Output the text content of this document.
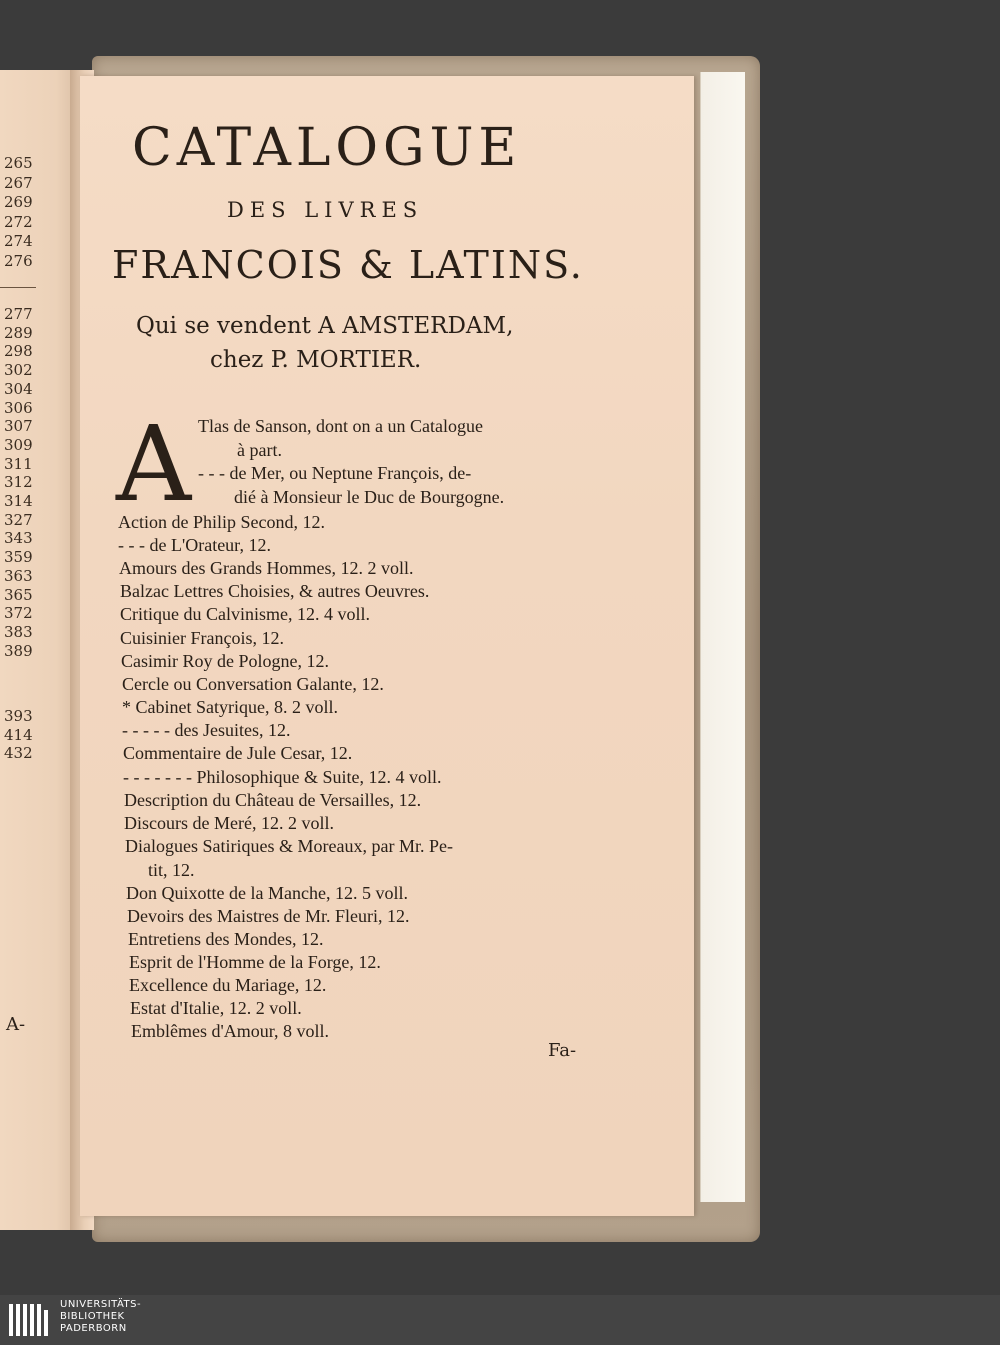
265
267
269
272
274
276
277
289
298
302
304
306
307
309
311
312
314
327
343
359
363
365
372
383
389
393
414
432
A-
CATALOGUE
DES LIVRES
FRANCOIS & LATINS.
Qui se vendent A AMSTERDAM,
chez P. MORTIER.
A Tlas de Sanson, dont on a un Catalogue
à part.
- - - de Mer, ou Neptune François, de-
dié à Monsieur le Duc de Bourgogne.
Action de Philip Second, 12.
- - - de L'Orateur, 12.
Amours des Grands Hommes, 12. 2 voll.
Balzac Lettres Choisies, & autres Oeuvres.
Critique du Calvinisme, 12. 4 voll.
Cuisinier François, 12.
Casimir Roy de Pologne, 12.
Cercle ou Conversation Galante, 12.
* Cabinet Satyrique, 8. 2 voll.
- - - - - des Jesuites, 12.
Commentaire de Jule Cesar, 12.
- - - - - - - Philosophique & Suite, 12. 4 voll.
Description du Château de Versailles, 12.
Discours de Meré, 12. 2 voll.
Dialogues Satiriques & Moreaux, par Mr. Pe-
tit, 12.
Don Quixotte de la Manche, 12. 5 voll.
Devoirs des Maistres de Mr. Fleuri, 12.
Entretiens des Mondes, 12.
Esprit de l'Homme de la Forge, 12.
Excellence du Mariage, 12.
Estat d'Italie, 12. 2 voll.
Emblêmes d'Amour, 8 voll.
Fa-
UNIVERSITÄTS-
BIBLIOTHEK
PADERBORN
